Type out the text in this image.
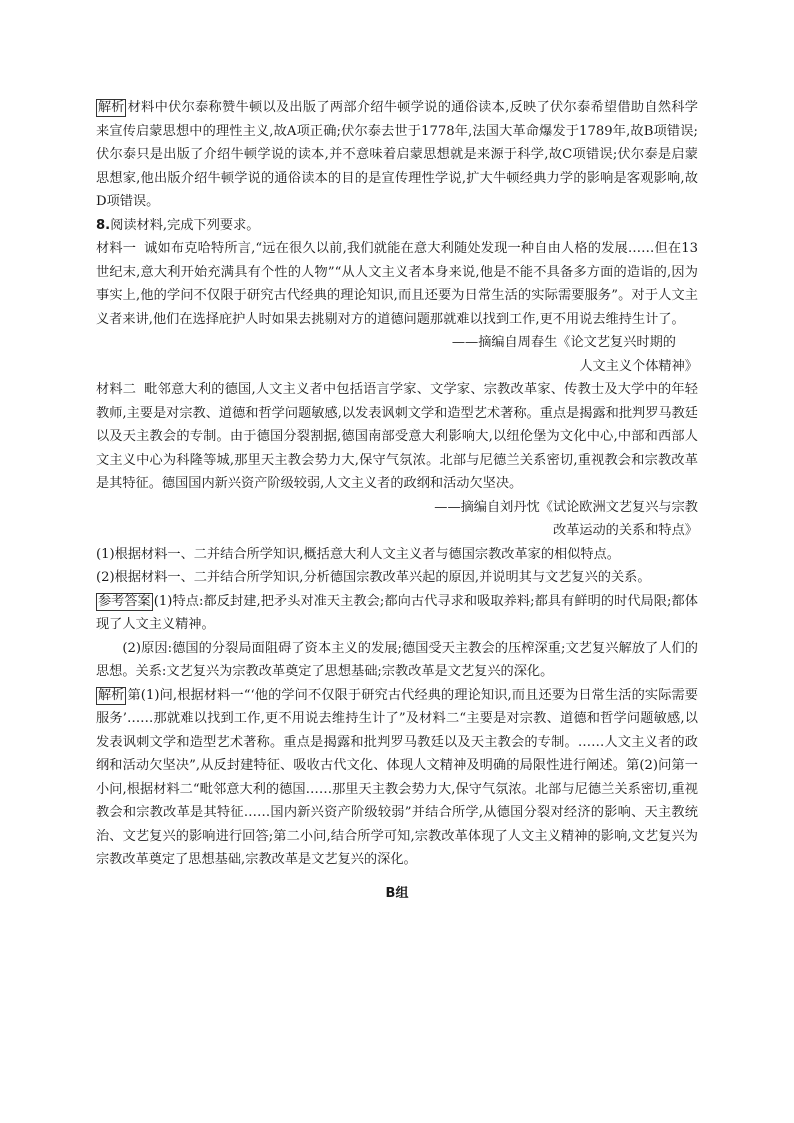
解析 材料中伏尔泰称赞牛顿以及出版了两部介绍牛顿学说的通俗读本,反映了伏尔泰希望借助自然科学来宣传启蒙思想中的理性主义,故A项正确;伏尔泰去世于1778年,法国大革命爆发于1789年,故B项错误;伏尔泰只是出版了介绍牛顿学说的读本,并不意味着启蒙思想就是来源于科学,故C项错误;伏尔泰是启蒙思想家,他出版介绍牛顿学说的通俗读本的目的是宣传理性学说,扩大牛顿经典力学的影响是客观影响,故D项错误。

8.阅读材料,完成下列要求。

材料一 诚如布克哈特所言,“远在很久以前,我们就能在意大利随处发现一种自由人格的发展……但在13世纪末,意大利开始充满具有个性的人物”“从人文主义者本身来说,他是不能不具备多方面的造诣的,因为事实上,他的学问不仅限于研究古代经典的理论知识,而且还要为日常生活的实际需要服务”。对于人文主义者来讲,他们在选择庇护人时如果去挑剔对方的道德问题那就难以找到工作,更不用说去维持生计了。

——摘编自周春生《论文艺复兴时期的

人文主义个体精神》

材料二 毗邻意大利的德国,人文主义者中包括语言学家、文学家、宗教改革家、传教士及大学中的年轻教师,主要是对宗教、道德和哲学问题敏感,以发表讽刺文学和造型艺术著称。重点是揭露和批判罗马教廷以及天主教会的专制。由于德国分裂割据,德国南部受意大利影响大,以纽伦堡为文化中心,中部和西部人文主义中心为科隆等城,那里天主教会势力大,保守气氛浓。北部与尼德兰关系密切,重视教会和宗教改革是其特征。德国国内新兴资产阶级较弱,人文主义者的政纲和活动欠坚决。

——摘编自刘丹忱《试论欧洲文艺复兴与宗教

改革运动的关系和特点》

(1)根据材料一、二并结合所学知识,概括意大利人文主义者与德国宗教改革家的相似特点。

(2)根据材料一、二并结合所学知识,分析德国宗教改革兴起的原因,并说明其与文艺复兴的关系。

参考答案 (1)特点:都反封建,把矛头对准天主教会;都向古代寻求和吸取养料;都具有鲜明的时代局限;都体现了人文主义精神。

(2)原因:德国的分裂局面阻碍了资本主义的发展;德国受天主教会的压榨深重;文艺复兴解放了人们的思想。关系:文艺复兴为宗教改革奠定了思想基础;宗教改革是文艺复兴的深化。

解析 第(1)问,根据材料一“‘他的学问不仅限于研究古代经典的理论知识,而且还要为日常生活的实际需要服务’……那就难以找到工作,更不用说去维持生计了”及材料二“主要是对宗教、道德和哲学问题敏感,以发表讽刺文学和造型艺术著称。重点是揭露和批判罗马教廷以及天主教会的专制。……人文主义者的政纲和活动欠坚决”,从反封建特征、吸收古代文化、体现人文精神及明确的局限性进行阐述。第(2)问第一小问,根据材料二“毗邻意大利的德国……那里天主教会势力大,保守气氛浓。北部与尼德兰关系密切,重视教会和宗教改革是其特征……国内新兴资产阶级较弱”并结合所学,从德国分裂对经济的影响、天主教统治、文艺复兴的影响进行回答;第二小问,结合所学可知,宗教改革体现了人文主义精神的影响,文艺复兴为宗教改革奠定了思想基础,宗教改革是文艺复兴的深化。

B组
